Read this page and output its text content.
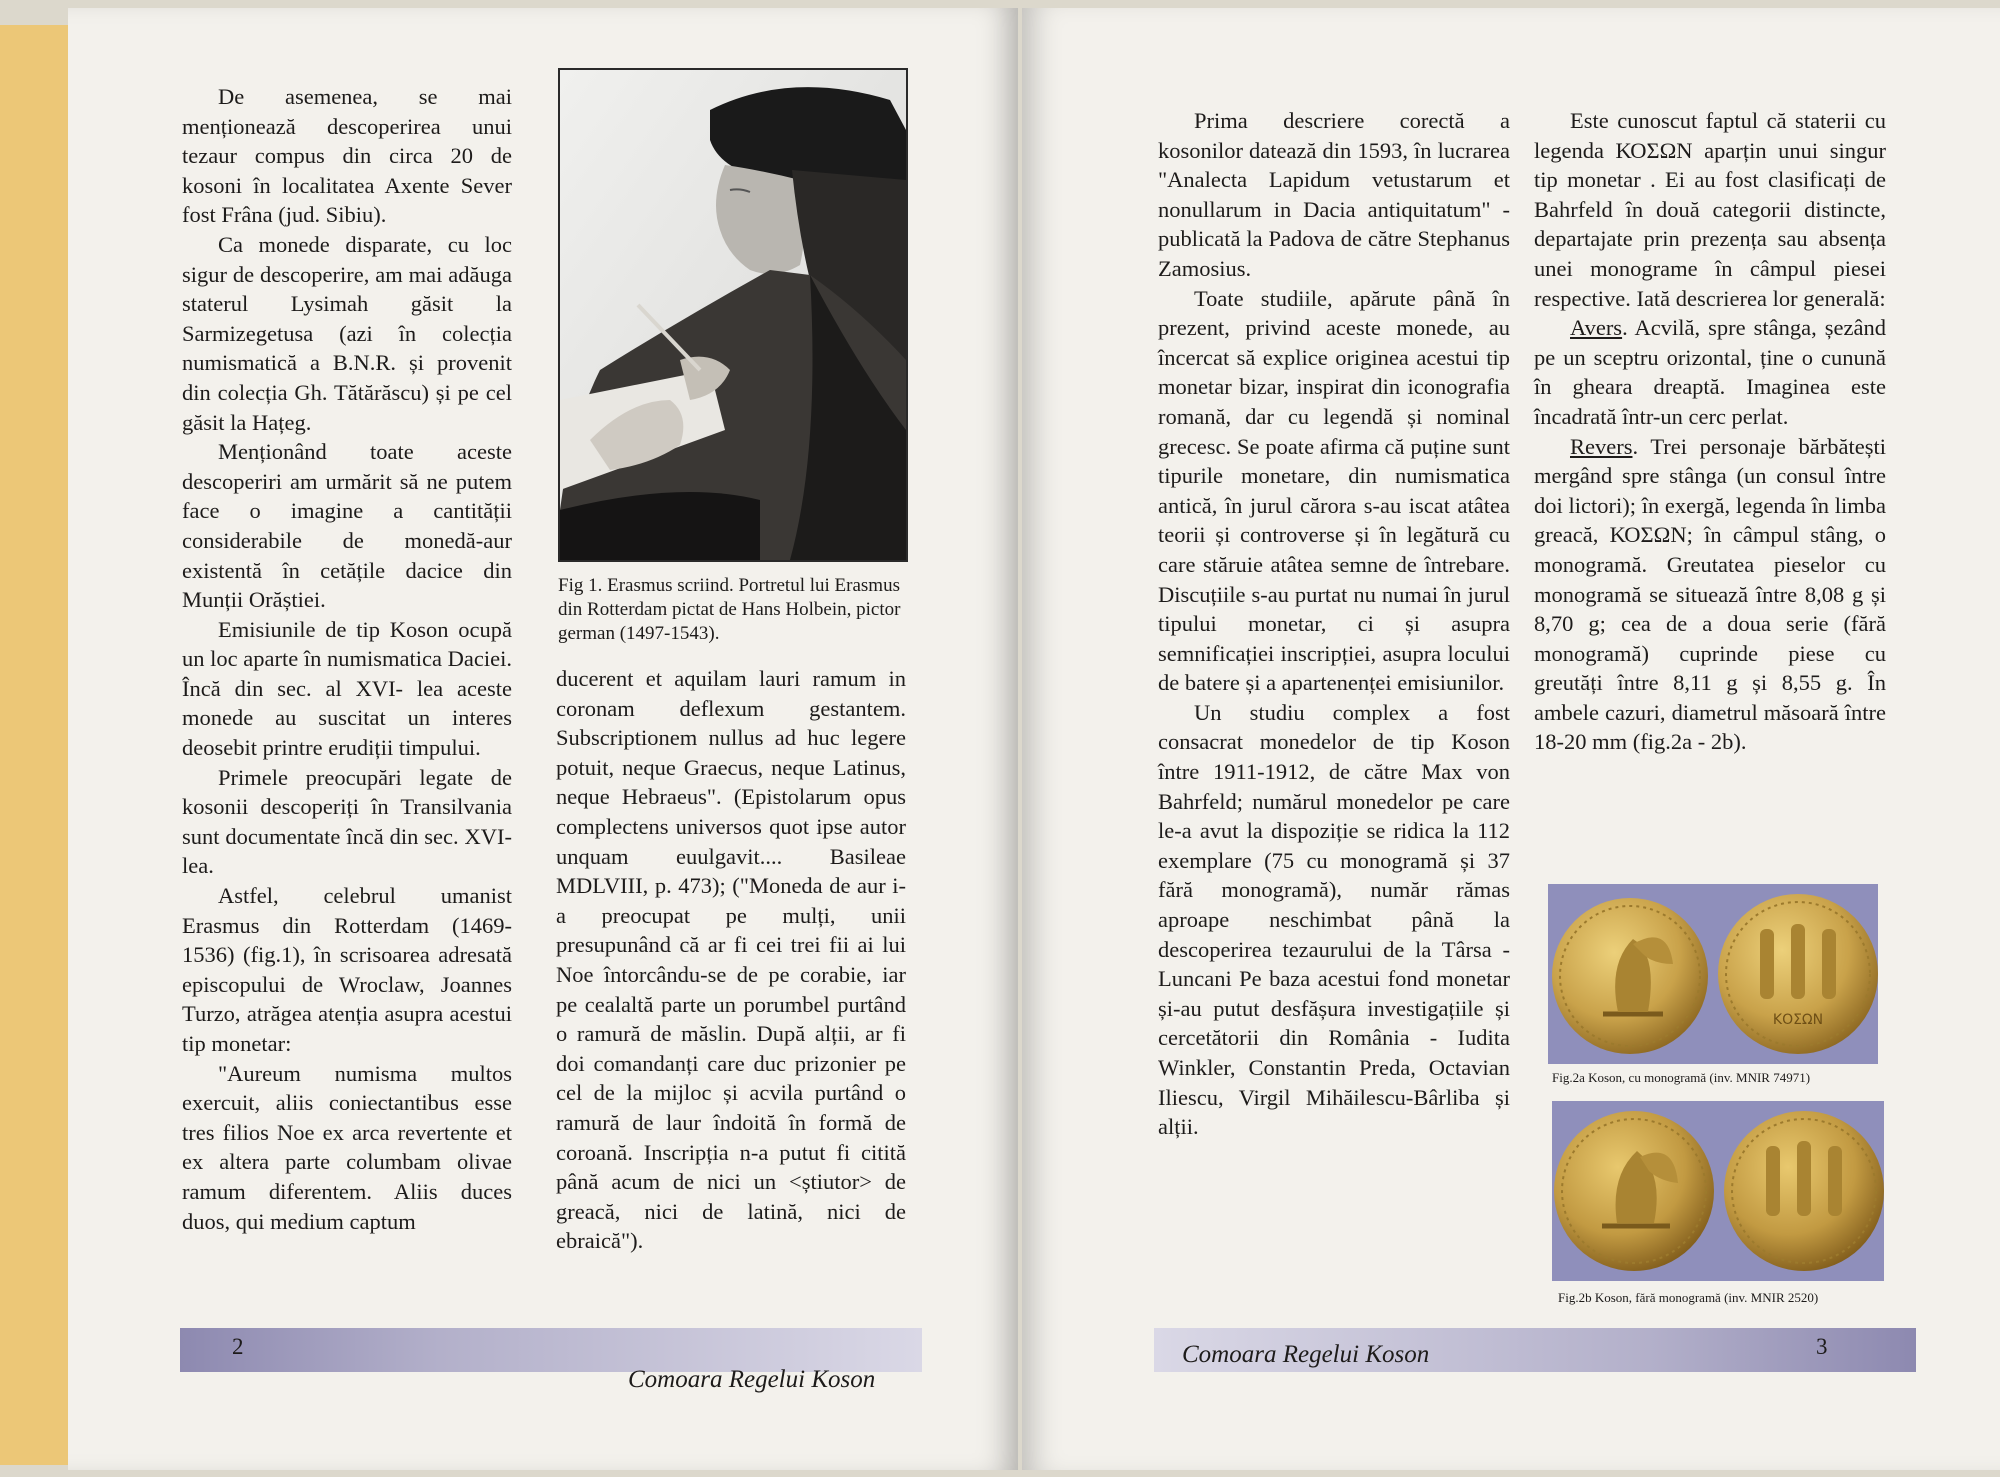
De asemenea, se mai menționează descoperirea unui tezaur compus din circa 20 de kosoni în localitatea Axente Sever fost Frâna (jud. Sibiu).

Ca monede disparate, cu loc sigur de descoperire, am mai adăuga staterul Lysimah găsit la Sarmizegetusa (azi în colecția numismatică a B.N.R. și provenit din colecția Gh. Tătărăscu) și pe cel găsit la Hațeg.

Menționând toate aceste descoperiri am urmărit să ne putem face o imagine a cantității considerabile de monedă-aur existentă în cetățile dacice din Munții Orăștiei.

Emisiunile de tip Koson ocupă un loc aparte în numismatica Daciei. Încă din sec. al XVI- lea aceste monede au suscitat un interes deosebit printre erudiții timpului.

Primele preocupări legate de kosonii descoperiți în Transilvania sunt documentate încă din sec. XVI-lea.

Astfel, celebrul umanist Erasmus din Rotterdam (1469-1536) (fig.1), în scrisoarea adresată episcopului de Wroclaw, Joannes Turzo, atrăgea atenția asupra acestui tip monetar:

"Aureum numisma multos exercuit, aliis coniectantibus esse tres filios Noe ex arca revertente et ex altera parte columbam olivae ramum diferentem. Aliis duces duos, qui medium captum

Fig 1. Erasmus scriind. Portretul lui Erasmus din Rotterdam pictat de Hans Holbein, pictor german (1497-1543).

ducerent et aquilam lauri ramum in coronam deflexum gestantem. Subscriptionem nullus ad huc legere potuit, neque Graecus, neque Latinus, neque Hebraeus". (Epistolarum opus complectens universos quot ipse autor unquam euulgavit.... Basileae MDLVIII, p. 473); ("Moneda de aur i-a preocupat pe mulți, unii presupunând că ar fi cei trei fii ai lui Noe întorcându-se de pe corabie, iar pe cealaltă parte un porumbel purtând o ramură de măslin. După alții, ar fi doi comandanți care duc prizonier pe cel de la mijloc și acvila purtând o ramură de laur îndoită în formă de coroană. Inscripția n-a putut fi citită până acum de nici un <știutor> de greacă, nici de latină, nici de ebraică").

2
Comoara Regelui Koson

Prima descriere corectă a kosonilor datează din 1593, în lucrarea "Analecta Lapidum vetustarum et nonullarum in Dacia antiquitatum" - publicată la Padova de către Stephanus Zamosius.

Toate studiile, apărute până în prezent, privind aceste monede, au încercat să explice originea acestui tip monetar bizar, inspirat din iconografia romană, dar cu legendă și nominal grecesc. Se poate afirma că puține sunt tipurile monetare, din numismatica antică, în jurul cărora s-au iscat atâtea teorii și controverse și în legătură cu care stăruie atâtea semne de întrebare. Discuțiile s-au purtat nu numai în jurul tipului monetar, ci și asupra semnificației inscripției, asupra locului de batere și a apartenenței emisiunilor.

Un studiu complex a fost consacrat monedelor de tip Koson între 1911-1912, de către Max von Bahrfeld; numărul monedelor pe care le-a avut la dispoziție se ridica la 112 exemplare (75 cu monogramă și 37 fără monogramă), număr rămas aproape neschimbat până la descoperirea tezaurului de la Târsa - Luncani Pe baza acestui fond monetar și-au putut desfășura investigațiile și cercetătorii din România - Iudita Winkler, Constantin Preda, Octavian Iliescu, Virgil Mihăilescu-Bârliba și alții.

Este cunoscut faptul că staterii cu legenda ΚΟΣΩΝ aparțin unui singur tip monetar . Ei au fost clasificați de Bahrfeld în două categorii distincte, departajate prin prezența sau absența unei monograme în câmpul piesei respective. Iată descrierea lor generală:

Avers. Acvilă, spre stânga, șezând pe un sceptru orizontal, ține o cunună în gheara dreaptă. Imaginea este încadrată într-un cerc perlat.

Revers. Trei personaje bărbătești mergând spre stânga (un consul între doi lictori); în exergă, legenda în limba greacă, ΚΟΣΩΝ; în câmpul stâng, o monogramă. Greutatea pieselor cu monogramă se situează între 8,08 g și 8,70 g; cea de a doua serie (fără monogramă) cuprinde piese cu greutăți între 8,11 g și 8,55 g. În ambele cazuri, diametrul măsoară între 18-20 mm (fig.2a - 2b).

ΚΟΣΩΝ
Fig.2a Koson, cu monogramă (inv. MNIR 74971)
Fig.2b Koson, fără monogramă (inv. MNIR 2520)
Comoara Regelui Koson	3
